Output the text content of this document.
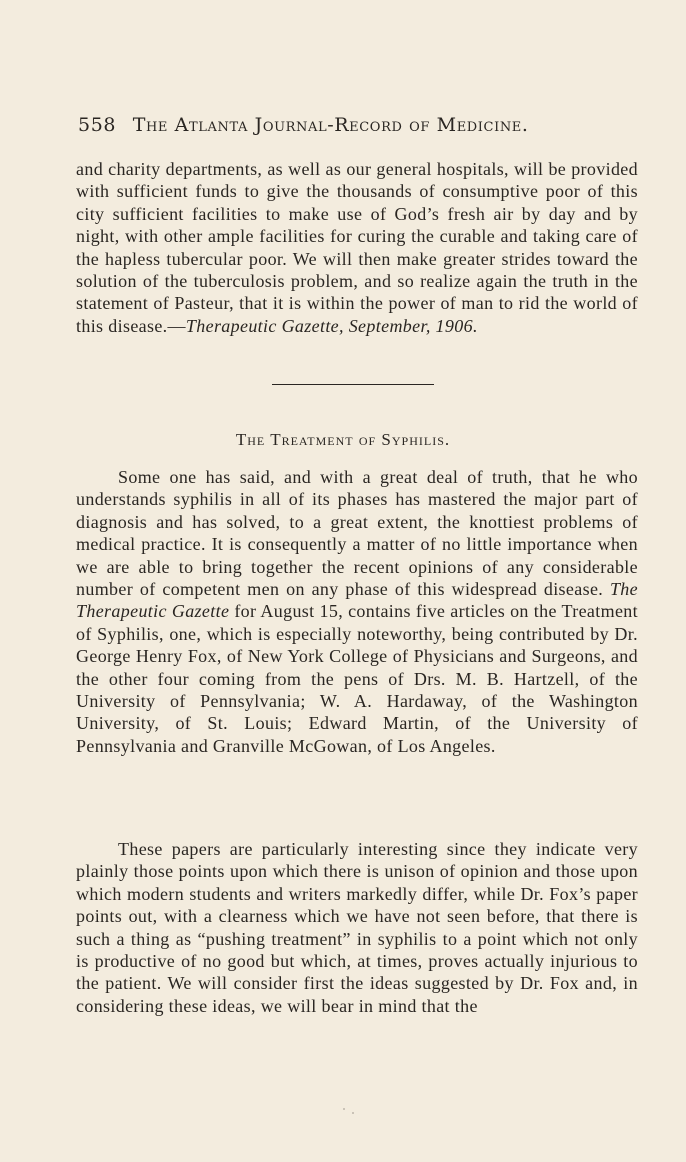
558 The Atlanta Journal-Record of Medicine.
and charity departments, as well as our general hospitals, will be provided with sufficient funds to give the thousands of consumptive poor of this city sufficient facilities to make use of God’s fresh air by day and by night, with other ample facilities for curing the curable and taking care of the hapless tubercular poor. We will then make greater strides toward the solution of the tuberculosis problem, and so realize again the truth in the statement of Pasteur, that it is within the power of man to rid the world of this disease.—Therapeutic Gazette, September, 1906.
The Treatment of Syphilis.
Some one has said, and with a great deal of truth, that he who understands syphilis in all of its phases has mastered the major part of diagnosis and has solved, to a great extent, the knottiest problems of medical practice. It is consequently a matter of no little importance when we are able to bring together the recent opinions of any considerable number of competent men on any phase of this widespread disease. The Therapeutic Gazette for August 15, contains five articles on the Treatment of Syphilis, one, which is especially noteworthy, being contributed by Dr. George Henry Fox, of New York College of Physicians and Surgeons, and the other four coming from the pens of Drs. M. B. Hartzell, of the University of Pennsylvania; W. A. Hardaway, of the Washington University, of St. Louis; Edward Martin, of the University of Pennsylvania and Granville McGowan, of Los Angeles.
These papers are particularly interesting since they indicate very plainly those points upon which there is unison of opinion and those upon which modern students and writers markedly differ, while Dr. Fox’s paper points out, with a clearness which we have not seen before, that there is such a thing as “pushing treatment” in syphilis to a point which not only is productive of no good but which, at times, proves actually injurious to the patient. We will consider first the ideas suggested by Dr. Fox and, in considering these ideas, we will bear in mind that the
